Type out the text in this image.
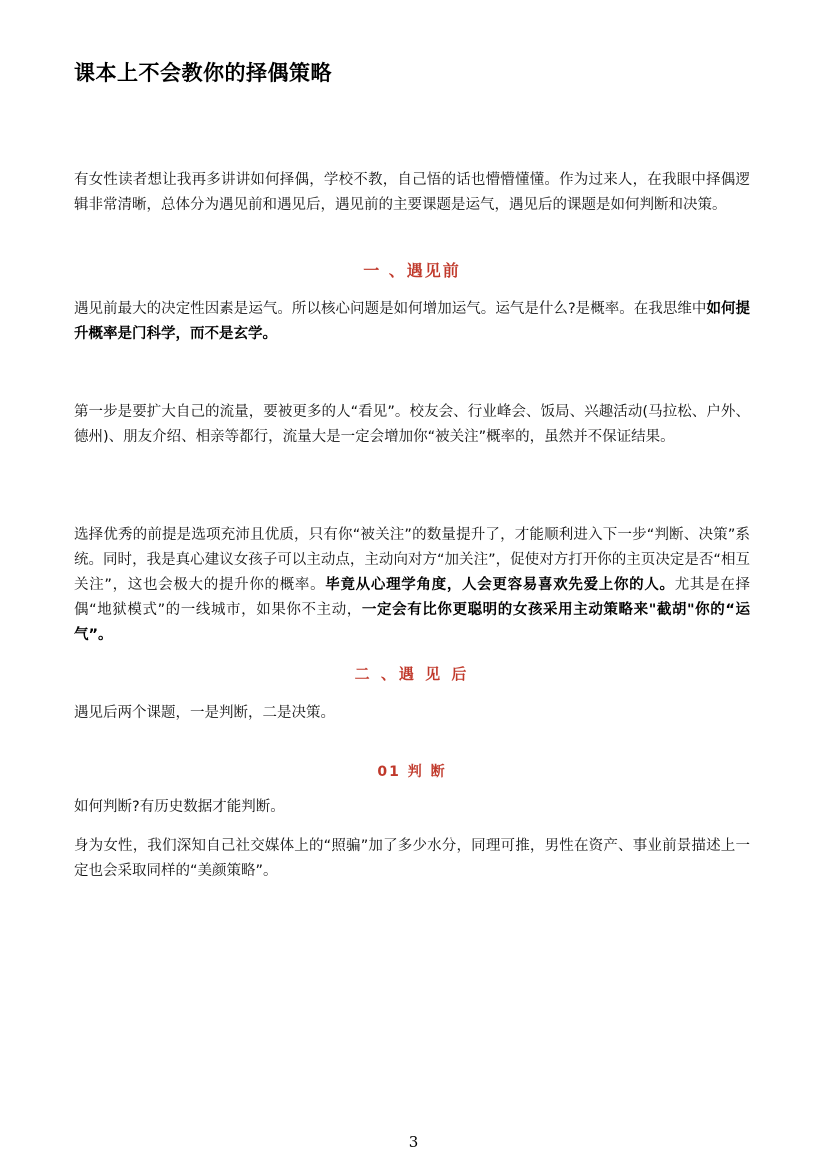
课本上不会教你的择偶策略

有女性读者想让我再多讲讲如何择偶，学校不教，自己悟的话也懵懵懂懂。作为过来人，在我眼中择偶逻辑非常清晰，总体分为遇见前和遇见后，遇见前的主要课题是运气，遇见后的课题是如何判断和决策。

一 、遇见前

遇见前最大的决定性因素是运气。所以核心问题是如何增加运气。运气是什么?是概率。在我思维中如何提升概率是门科学，而不是玄学。

第一步是要扩大自己的流量，要被更多的人“看见”。校友会、行业峰会、饭局、兴趣活动(马拉松、户外、德州)、朋友介绍、相亲等都行，流量大是一定会增加你“被关注”概率的，虽然并不保证结果。

选择优秀的前提是选项充沛且优质，只有你“被关注”的数量提升了，才能顺利进入下一步“判断、决策”系统。同时，我是真心建议女孩子可以主动点，主动向对方“加关注”，促使对方打开你的主页决定是否“相互关注”，这也会极大的提升你的概率。毕竟从心理学角度，人会更容易喜欢先爱上你的人。尤其是在择偶“地狱模式”的一线城市，如果你不主动，一定会有比你更聪明的女孩采用主动策略来"截胡"你的“运气”。

二 、遇 见 后

遇见后两个课题，一是判断，二是决策。

01 判 断

如何判断?有历史数据才能判断。

身为女性，我们深知自己社交媒体上的“照骗”加了多少水分，同理可推，男性在资产、事业前景描述上一定也会采取同样的“美颜策略”。

3
